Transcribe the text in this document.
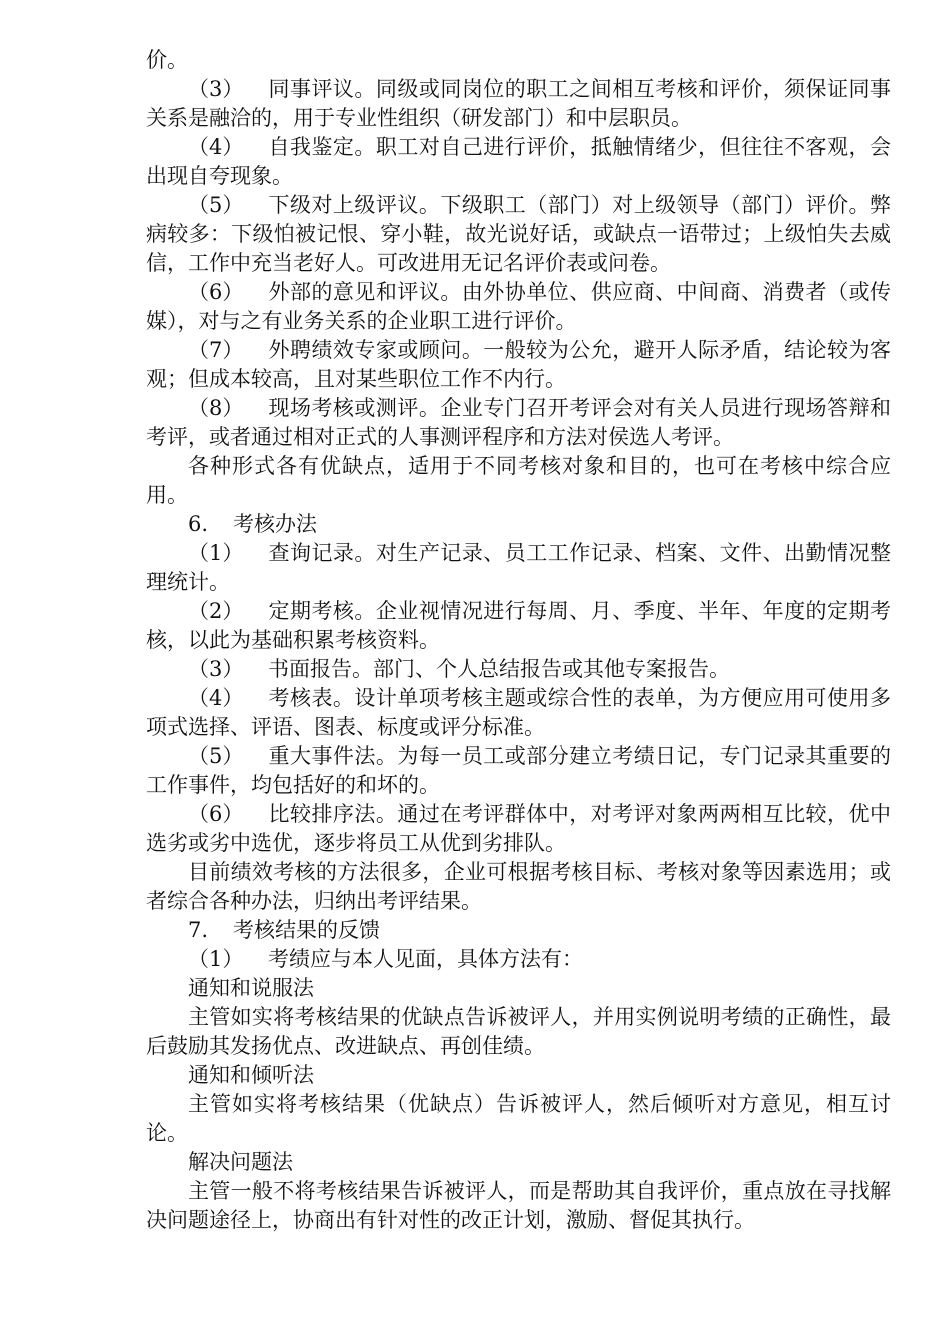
价。

（3） 同事评议。同级或同岗位的职工之间相互考核和评价，须保证同事关系是融洽的，用于专业性组织（研发部门）和中层职员。

（4） 自我鉴定。职工对自己进行评价，抵触情绪少，但往往不客观，会出现自夸现象。

（5） 下级对上级评议。下级职工（部门）对上级领导（部门）评价。弊病较多：下级怕被记恨、穿小鞋，故光说好话，或缺点一语带过；上级怕失去威信，工作中充当老好人。可改进用无记名评价表或问卷。

（6） 外部的意见和评议。由外协单位、供应商、中间商、消费者（或传媒），对与之有业务关系的企业职工进行评价。

（7） 外聘绩效专家或顾问。一般较为公允，避开人际矛盾，结论较为客观；但成本较高，且对某些职位工作不内行。

（8） 现场考核或测评。企业专门召开考评会对有关人员进行现场答辩和考评，或者通过相对正式的人事测评程序和方法对侯选人考评。

各种形式各有优缺点，适用于不同考核对象和目的，也可在考核中综合应用。

6. 考核办法

（1） 查询记录。对生产记录、员工工作记录、档案、文件、出勤情况整理统计。

（2） 定期考核。企业视情况进行每周、月、季度、半年、年度的定期考核，以此为基础积累考核资料。

（3） 书面报告。部门、个人总结报告或其他专案报告。

（4） 考核表。设计单项考核主题或综合性的表单，为方便应用可使用多项式选择、评语、图表、标度或评分标准。

（5） 重大事件法。为每一员工或部分建立考绩日记，专门记录其重要的工作事件，均包括好的和坏的。

（6） 比较排序法。通过在考评群体中，对考评对象两两相互比较，优中选劣或劣中选优，逐步将员工从优到劣排队。

目前绩效考核的方法很多，企业可根据考核目标、考核对象等因素选用；或者综合各种办法，归纳出考评结果。

7. 考核结果的反馈

（1） 考绩应与本人见面，具体方法有：

通知和说服法

主管如实将考核结果的优缺点告诉被评人，并用实例说明考绩的正确性，最后鼓励其发扬优点、改进缺点、再创佳绩。

通知和倾听法

主管如实将考核结果（优缺点）告诉被评人，然后倾听对方意见，相互讨论。

解决问题法

主管一般不将考核结果告诉被评人，而是帮助其自我评价，重点放在寻找解决问题途径上，协商出有针对性的改正计划，激励、督促其执行。
